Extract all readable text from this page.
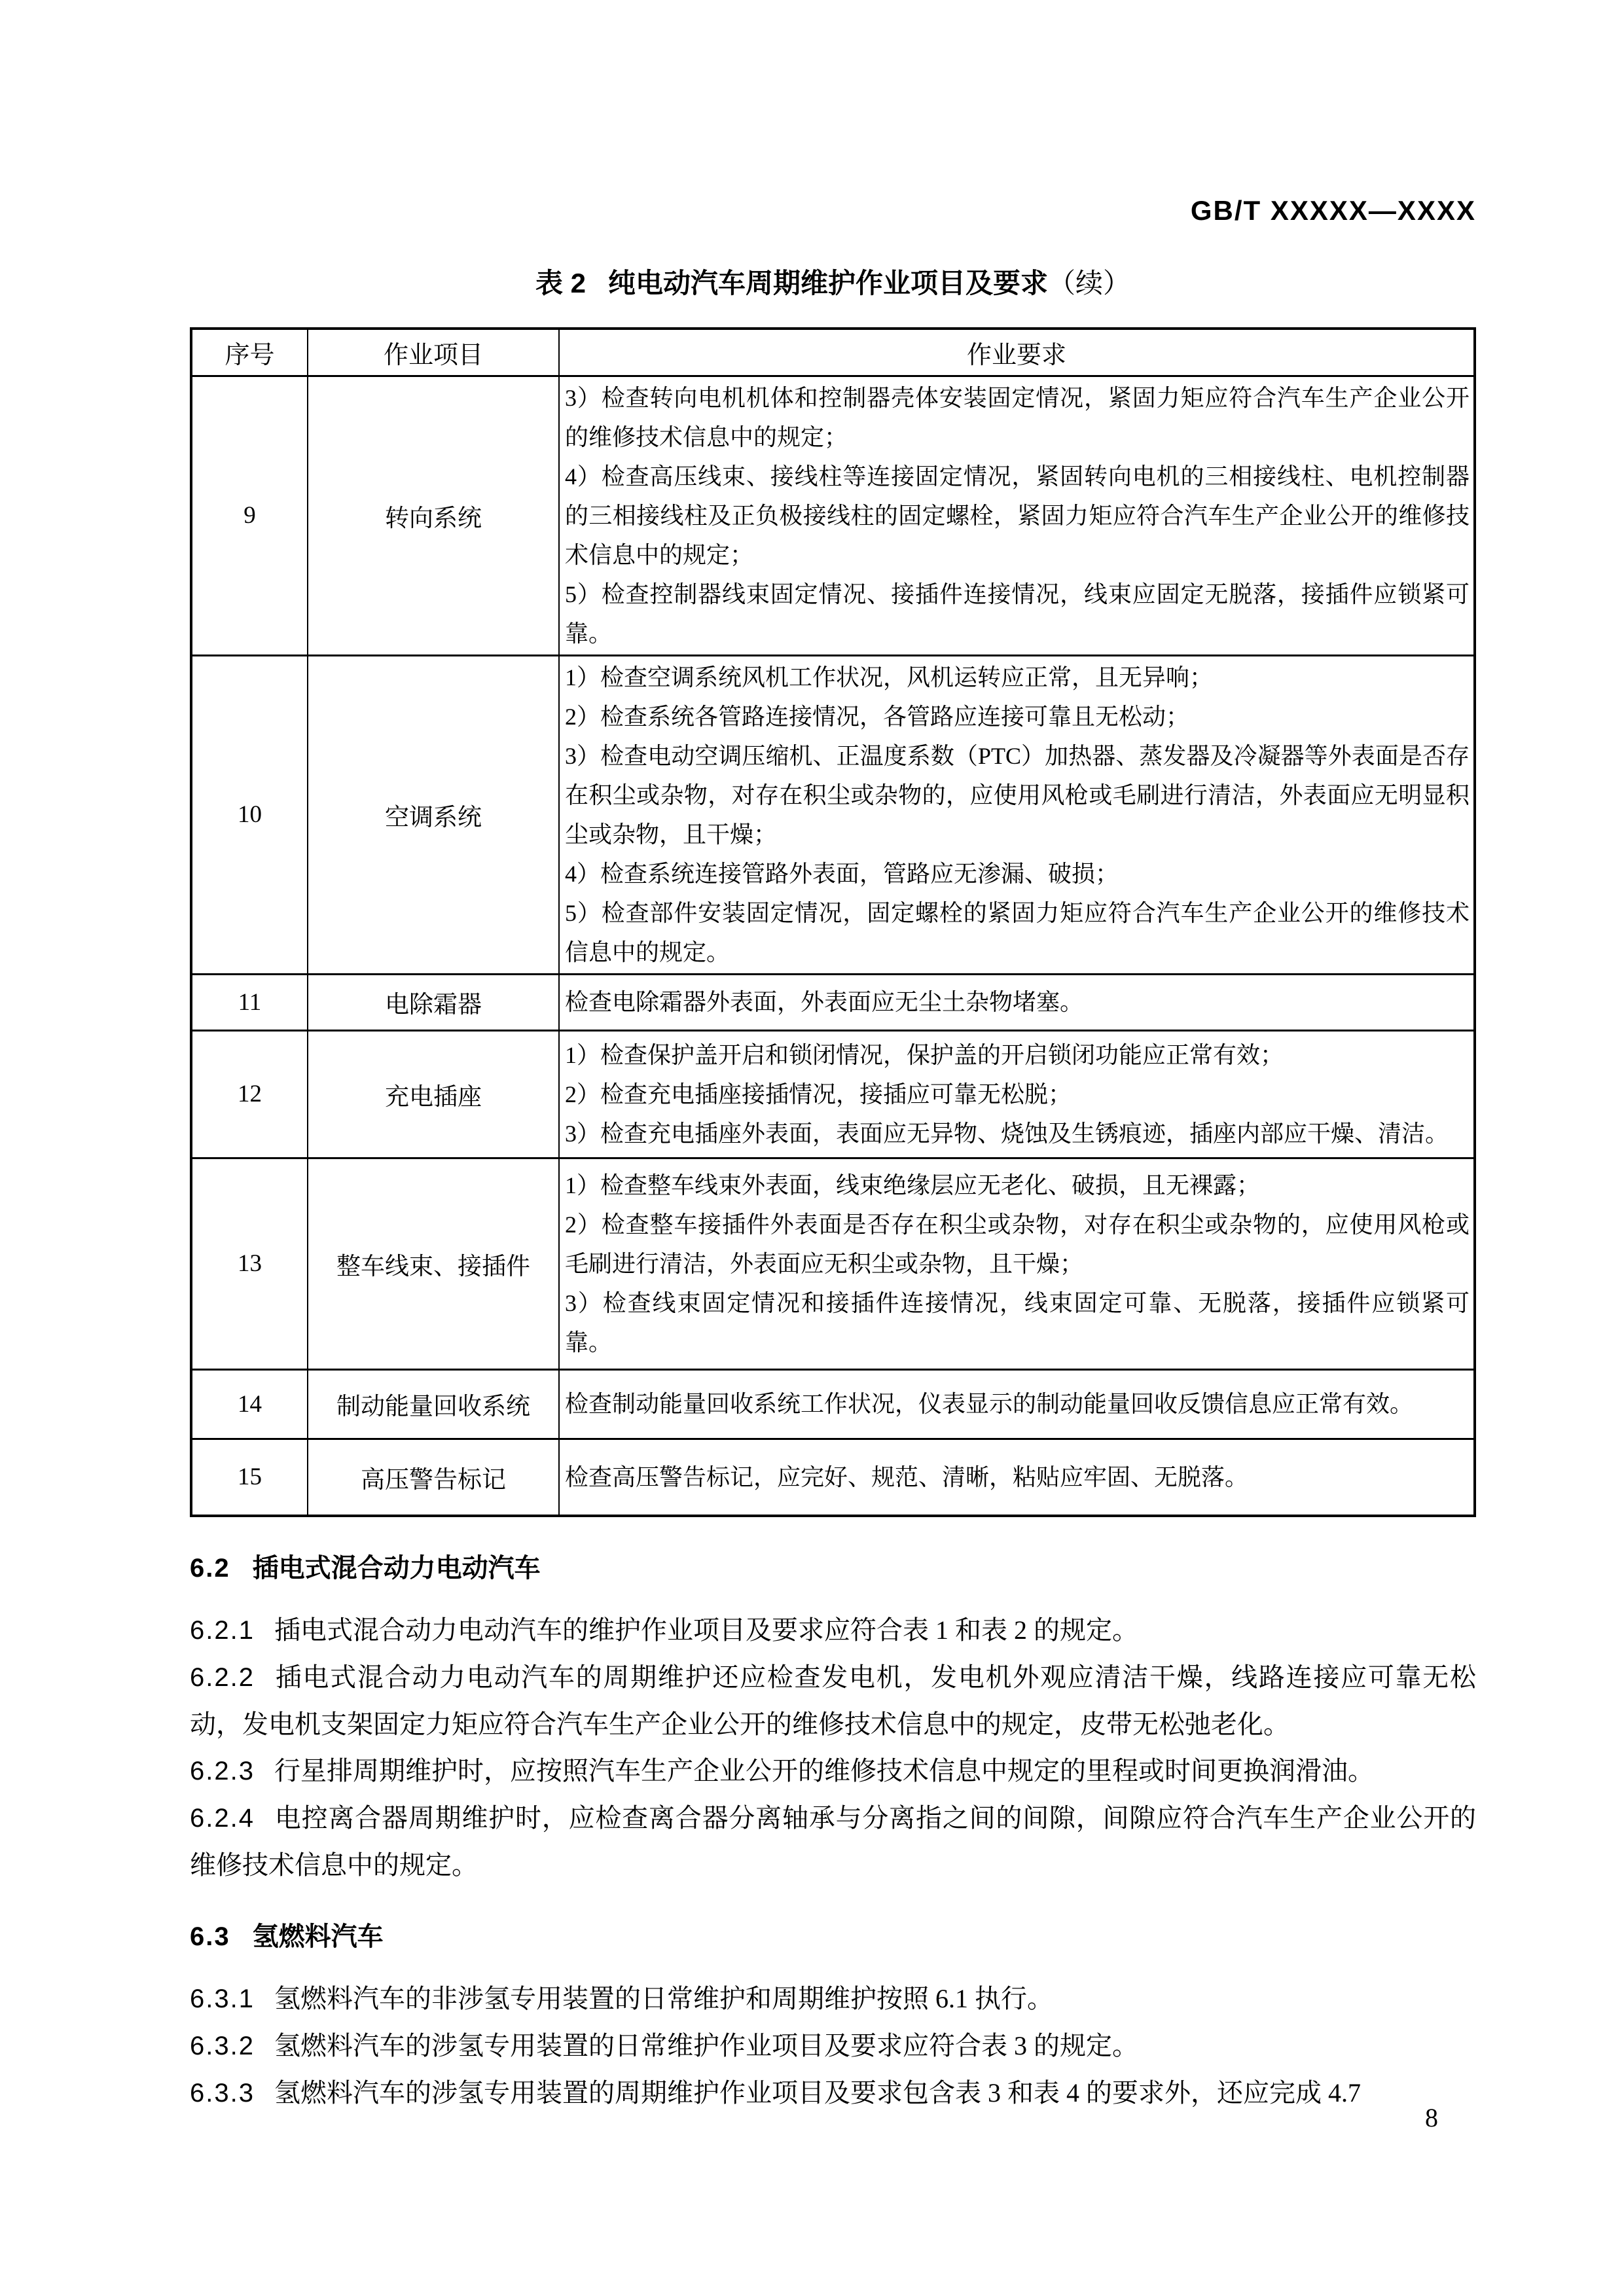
GB/T XXXXX—XXXX
表 2 纯电动汽车周期维护作业项目及要求（续）
序号	作业项目	作业要求
9	转向系统	3）检查转向电机机体和控制器壳体安装固定情况，紧固力矩应符合汽车生产企业公开的维修技术信息中的规定；
4）检查高压线束、接线柱等连接固定情况，紧固转向电机的三相接线柱、电机控制器的三相接线柱及正负极接线柱的固定螺栓，紧固力矩应符合汽车生产企业公开的维修技术信息中的规定；
5）检查控制器线束固定情况、接插件连接情况，线束应固定无脱落，接插件应锁紧可靠。

10	空调系统	1）检查空调系统风机工作状况，风机运转应正常，且无异响；
2）检查系统各管路连接情况，各管路应连接可靠且无松动；
3）检查电动空调压缩机、正温度系数（PTC）加热器、蒸发器及冷凝器等外表面是否存在积尘或杂物，对存在积尘或杂物的，应使用风枪或毛刷进行清洁，外表面应无明显积尘或杂物，且干燥；
4）检查系统连接管路外表面，管路应无渗漏、破损；
5）检查部件安装固定情况，固定螺栓的紧固力矩应符合汽车生产企业公开的维修技术信息中的规定。

11	电除霜器	检查电除霜器外表面，外表面应无尘土杂物堵塞。

12	充电插座	1）检查保护盖开启和锁闭情况，保护盖的开启锁闭功能应正常有效；
2）检查充电插座接插情况，接插应可靠无松脱；
3）检查充电插座外表面，表面应无异物、烧蚀及生锈痕迹，插座内部应干燥、清洁。

13	整车线束、接插件	1）检查整车线束外表面，线束绝缘层应无老化、破损，且无裸露；
2）检查整车接插件外表面是否存在积尘或杂物，对存在积尘或杂物的，应使用风枪或毛刷进行清洁，外表面应无积尘或杂物，且干燥；
3）检查线束固定情况和接插件连接情况，线束固定可靠、无脱落，接插件应锁紧可靠。

14	制动能量回收系统	检查制动能量回收系统工作状况，仪表显示的制动能量回收反馈信息应正常有效。

15	高压警告标记	检查高压警告标记，应完好、规范、清晰，粘贴应牢固、无脱落。
6.2 插电式混合动力电动汽车
6.2.1 插电式混合动力电动汽车的维护作业项目及要求应符合表 1 和表 2 的规定。
6.2.2 插电式混合动力电动汽车的周期维护还应检查发电机，发电机外观应清洁干燥，线路连接应可靠无松动，发电机支架固定力矩应符合汽车生产企业公开的维修技术信息中的规定，皮带无松弛老化。
6.2.3 行星排周期维护时，应按照汽车生产企业公开的维修技术信息中规定的里程或时间更换润滑油。
6.2.4 电控离合器周期维护时，应检查离合器分离轴承与分离指之间的间隙，间隙应符合汽车生产企业公开的维修技术信息中的规定。
6.3 氢燃料汽车
6.3.1 氢燃料汽车的非涉氢专用装置的日常维护和周期维护按照 6.1 执行。
6.3.2 氢燃料汽车的涉氢专用装置的日常维护作业项目及要求应符合表 3 的规定。
6.3.3 氢燃料汽车的涉氢专用装置的周期维护作业项目及要求包含表 3 和表 4 的要求外，还应完成 4.7
8
